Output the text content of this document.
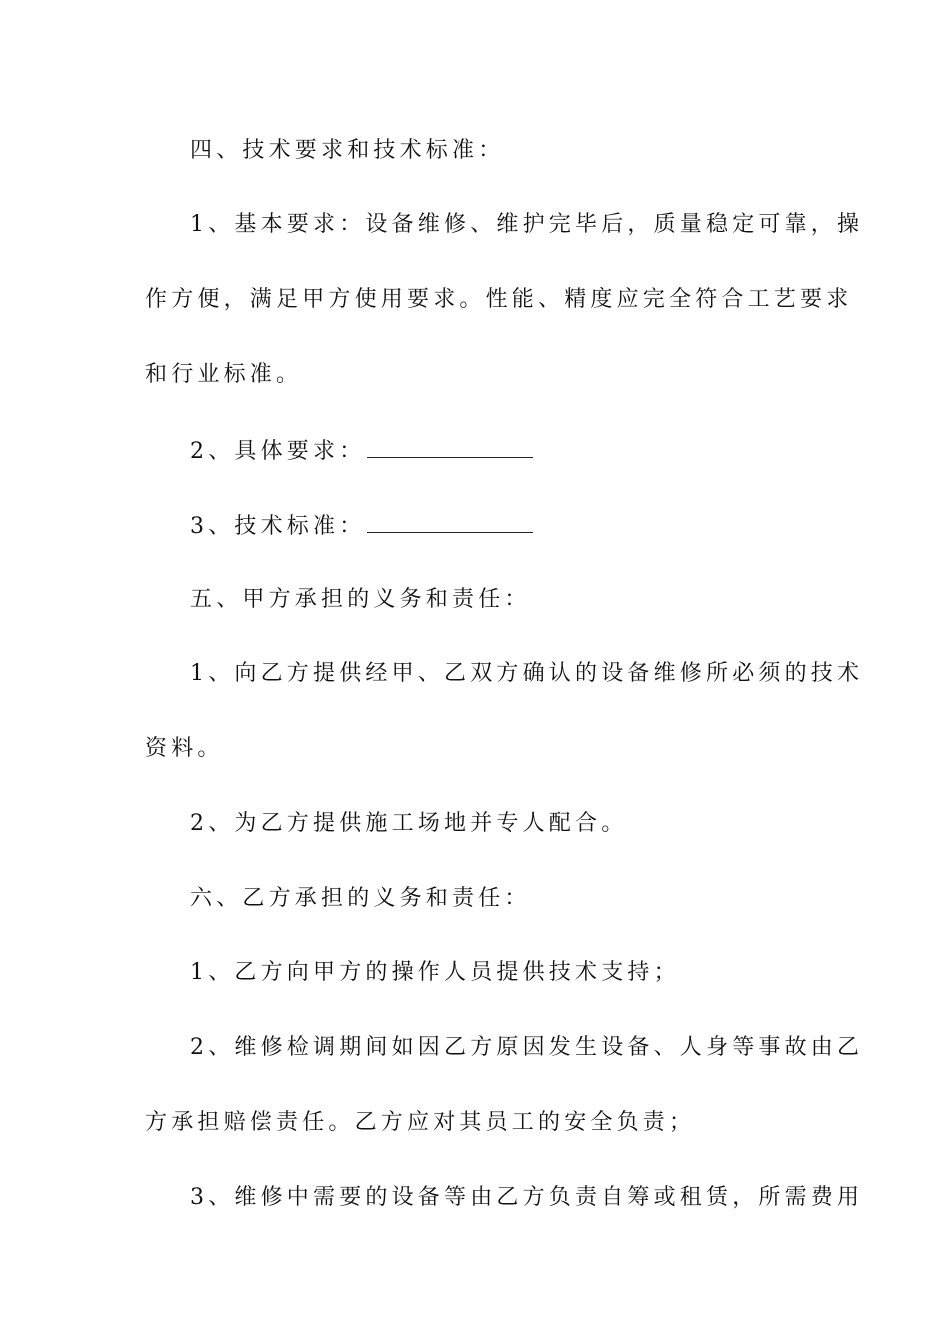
四、技术要求和技术标准：
1、基本要求：设备维修、维护完毕后，质量稳定可靠，操
作方便，满足甲方使用要求。性能、精度应完全符合工艺要求
和行业标准。
2、具体要求：
3、技术标准：
五、甲方承担的义务和责任：
1、向乙方提供经甲、乙双方确认的设备维修所必须的技术
资料。
2、为乙方提供施工场地并专人配合。
六、乙方承担的义务和责任：
1、乙方向甲方的操作人员提供技术支持；
2、维修检调期间如因乙方原因发生设备、人身等事故由乙
方承担赔偿责任。乙方应对其员工的安全负责；
3、维修中需要的设备等由乙方负责自筹或租赁，所需费用
